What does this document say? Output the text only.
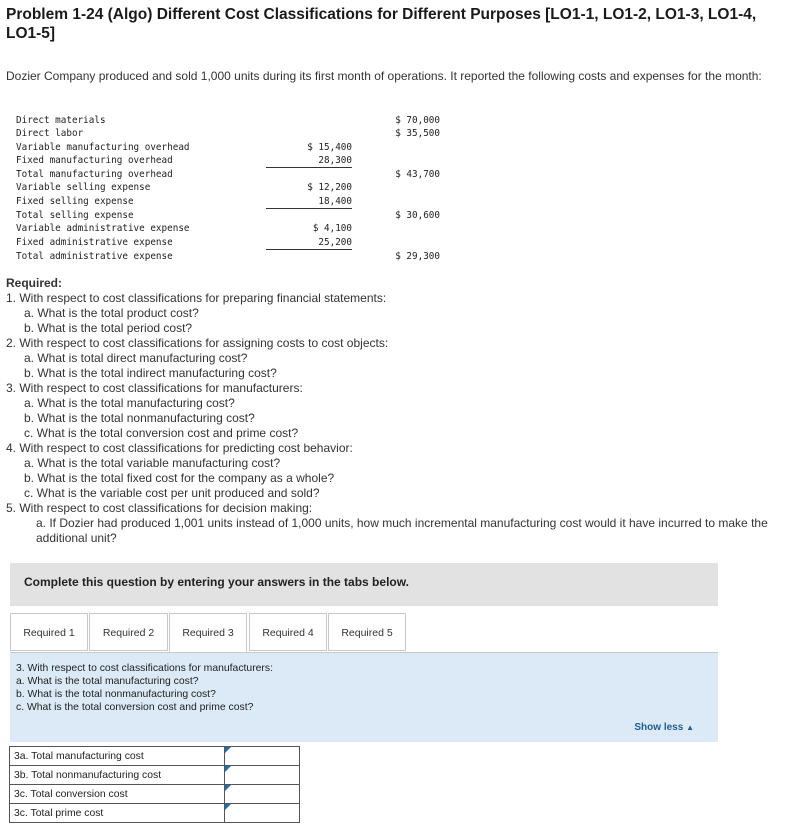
Problem 1-24 (Algo) Different Cost Classifications for Different Purposes [LO1-1, LO1-2, LO1-3, LO1-4, LO1-5]

Dozier Company produced and sold 1,000 units during its first month of operations. It reported the following costs and expenses for the month:

Direct materials			$ 70,000
Direct labor			$ 35,500
Variable manufacturing overhead	$ 15,400		
Fixed manufacturing overhead	28,300		
Total manufacturing overhead			$ 43,700
Variable selling expense	$ 12,200		
Fixed selling expense	18,400		
Total selling expense			$ 30,600
Variable administrative expense	$ 4,100		
Fixed administrative expense	25,200		
Total administrative expense			$ 29,300
Required:
1. With respect to cost classifications for preparing financial statements:
a. What is the total product cost?
b. What is the total period cost?
2. With respect to cost classifications for assigning costs to cost objects:
a. What is total direct manufacturing cost?
b. What is the total indirect manufacturing cost?
3. With respect to cost classifications for manufacturers:
a. What is the total manufacturing cost?
b. What is the total nonmanufacturing cost?
c. What is the total conversion cost and prime cost?
4. With respect to cost classifications for predicting cost behavior:
a. What is the total variable manufacturing cost?
b. What is the total fixed cost for the company as a whole?
c. What is the variable cost per unit produced and sold?
5. With respect to cost classifications for decision making:
a. If Dozier had produced 1,001 units instead of 1,000 units, how much incremental manufacturing cost would it have incurred to make the additional unit?
Complete this question by entering your answers in the tabs below.
Required 1	Required 2	Required 3	Required 4	Required 5
3. With respect to cost classifications for manufacturers:
a. What is the total manufacturing cost?
b. What is the total nonmanufacturing cost?
c. What is the total conversion cost and prime cost?
Show less ▲
3a. Total manufacturing cost	

3b. Total nonmanufacturing cost	

3c. Total conversion cost	

3c. Total prime cost	
